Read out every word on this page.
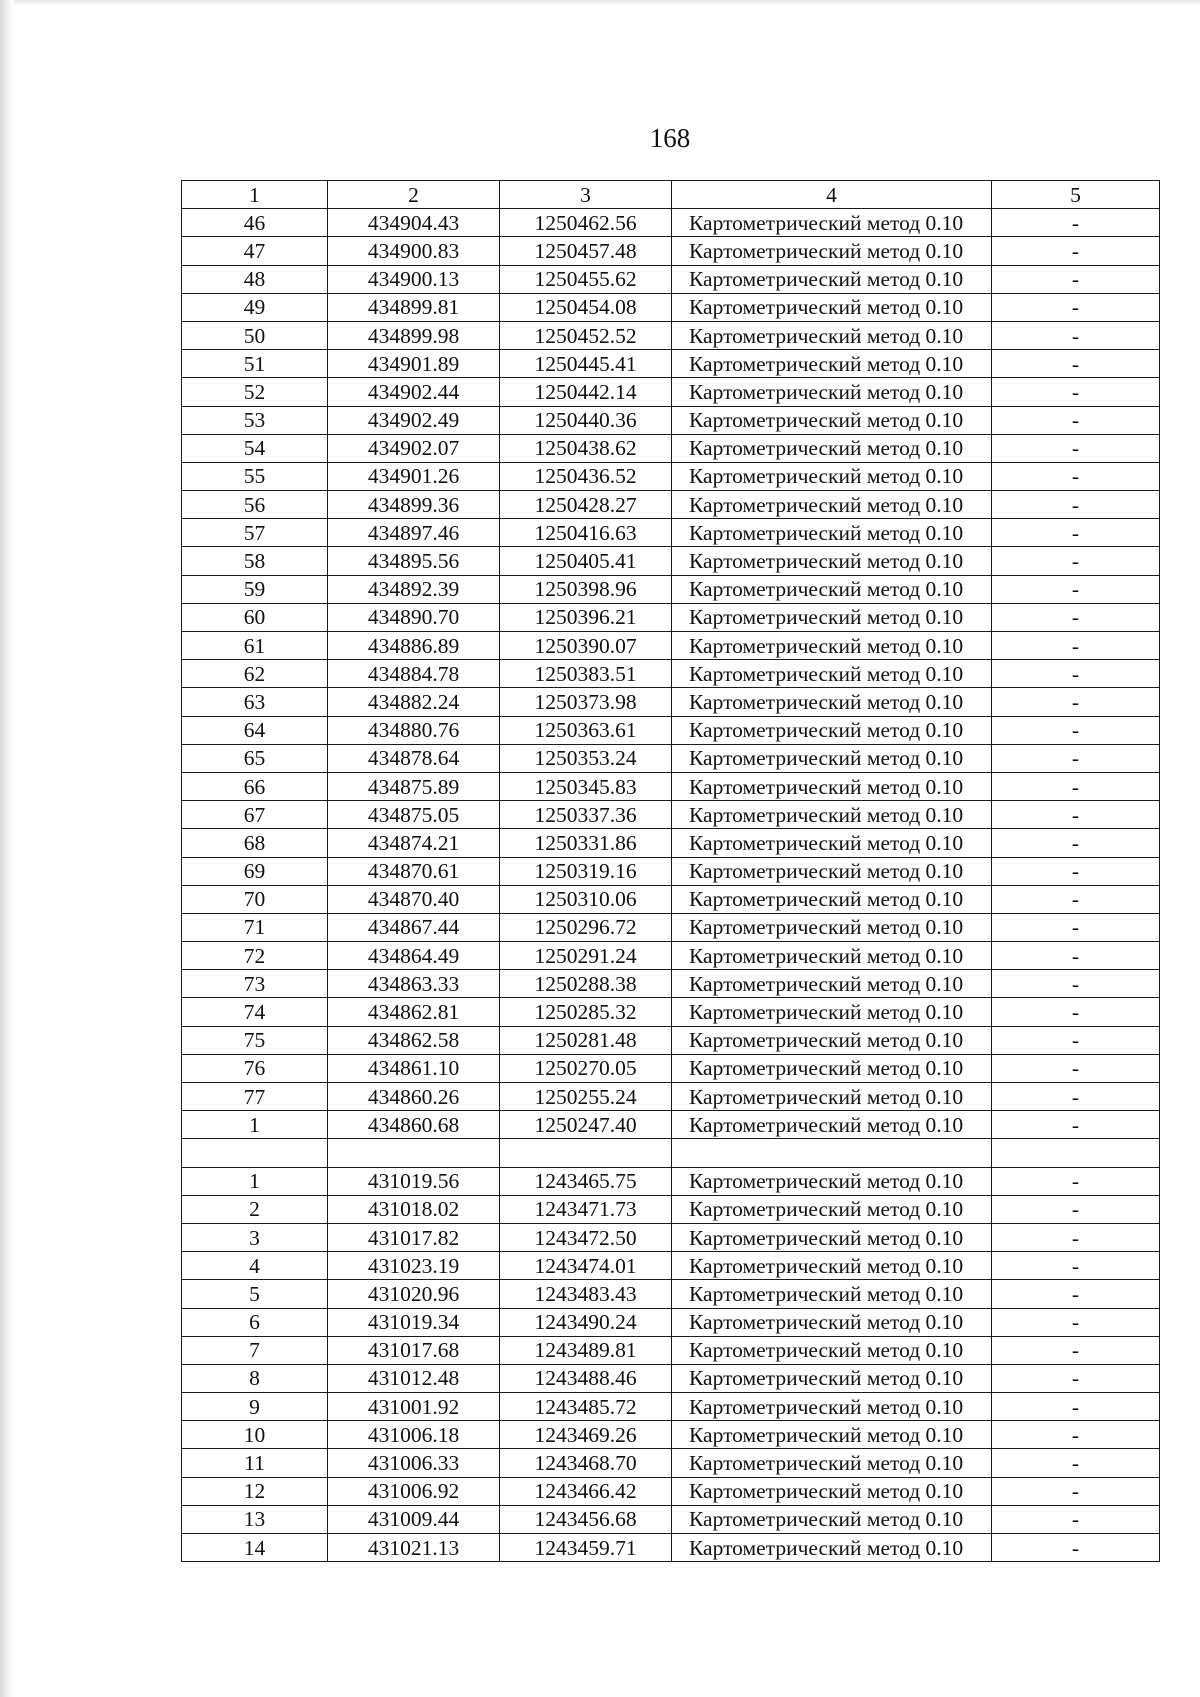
168
1	2	3	4	5
46	434904.43	1250462.56	Картометрический метод 0.10	-
47	434900.83	1250457.48	Картометрический метод 0.10	-
48	434900.13	1250455.62	Картометрический метод 0.10	-
49	434899.81	1250454.08	Картометрический метод 0.10	-
50	434899.98	1250452.52	Картометрический метод 0.10	-
51	434901.89	1250445.41	Картометрический метод 0.10	-
52	434902.44	1250442.14	Картометрический метод 0.10	-
53	434902.49	1250440.36	Картометрический метод 0.10	-
54	434902.07	1250438.62	Картометрический метод 0.10	-
55	434901.26	1250436.52	Картометрический метод 0.10	-
56	434899.36	1250428.27	Картометрический метод 0.10	-
57	434897.46	1250416.63	Картометрический метод 0.10	-
58	434895.56	1250405.41	Картометрический метод 0.10	-
59	434892.39	1250398.96	Картометрический метод 0.10	-
60	434890.70	1250396.21	Картометрический метод 0.10	-
61	434886.89	1250390.07	Картометрический метод 0.10	-
62	434884.78	1250383.51	Картометрический метод 0.10	-
63	434882.24	1250373.98	Картометрический метод 0.10	-
64	434880.76	1250363.61	Картометрический метод 0.10	-
65	434878.64	1250353.24	Картометрический метод 0.10	-
66	434875.89	1250345.83	Картометрический метод 0.10	-
67	434875.05	1250337.36	Картометрический метод 0.10	-
68	434874.21	1250331.86	Картометрический метод 0.10	-
69	434870.61	1250319.16	Картометрический метод 0.10	-
70	434870.40	1250310.06	Картометрический метод 0.10	-
71	434867.44	1250296.72	Картометрический метод 0.10	-
72	434864.49	1250291.24	Картометрический метод 0.10	-
73	434863.33	1250288.38	Картометрический метод 0.10	-
74	434862.81	1250285.32	Картометрический метод 0.10	-
75	434862.58	1250281.48	Картометрический метод 0.10	-
76	434861.10	1250270.05	Картометрический метод 0.10	-
77	434860.26	1250255.24	Картометрический метод 0.10	-
1	434860.68	1250247.40	Картометрический метод 0.10	-

1	431019.56	1243465.75	Картометрический метод 0.10	-
2	431018.02	1243471.73	Картометрический метод 0.10	-
3	431017.82	1243472.50	Картометрический метод 0.10	-
4	431023.19	1243474.01	Картометрический метод 0.10	-
5	431020.96	1243483.43	Картометрический метод 0.10	-
6	431019.34	1243490.24	Картометрический метод 0.10	-
7	431017.68	1243489.81	Картометрический метод 0.10	-
8	431012.48	1243488.46	Картометрический метод 0.10	-
9	431001.92	1243485.72	Картометрический метод 0.10	-
10	431006.18	1243469.26	Картометрический метод 0.10	-
11	431006.33	1243468.70	Картометрический метод 0.10	-
12	431006.92	1243466.42	Картометрический метод 0.10	-
13	431009.44	1243456.68	Картометрический метод 0.10	-
14	431021.13	1243459.71	Картометрический метод 0.10	-
